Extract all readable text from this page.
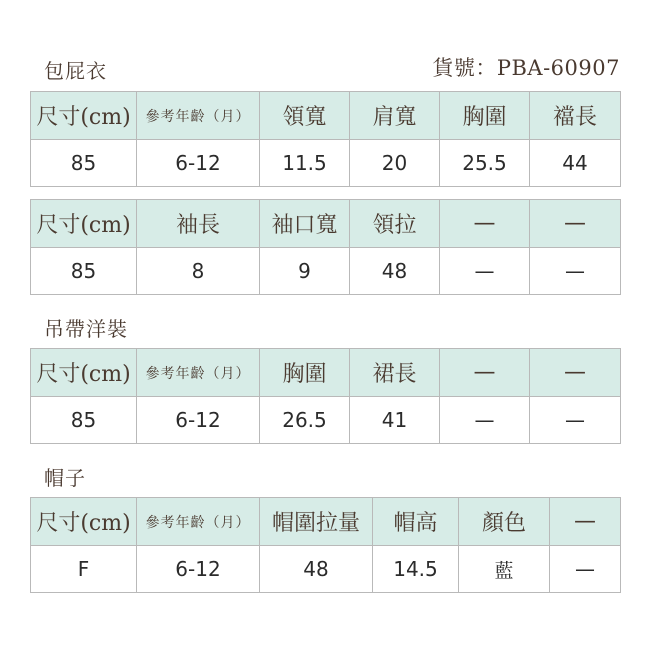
包屁衣	貨號：PBA-60907
尺寸(cm)	參考年齡（月）	領寬	肩寬	胸圍	襠長
85	6-12	11.5	20	25.5	44
尺寸(cm)	袖長	袖口寬	領拉	—	—
85	8	9	48	—	—
吊帶洋裝
尺寸(cm)	參考年齡（月）	胸圍	裙長	—	—
85	6-12	26.5	41	—	—
帽子
尺寸(cm)	參考年齡（月）	帽圍拉量	帽高	顏色	—
F	6-12	48	14.5	藍	—
